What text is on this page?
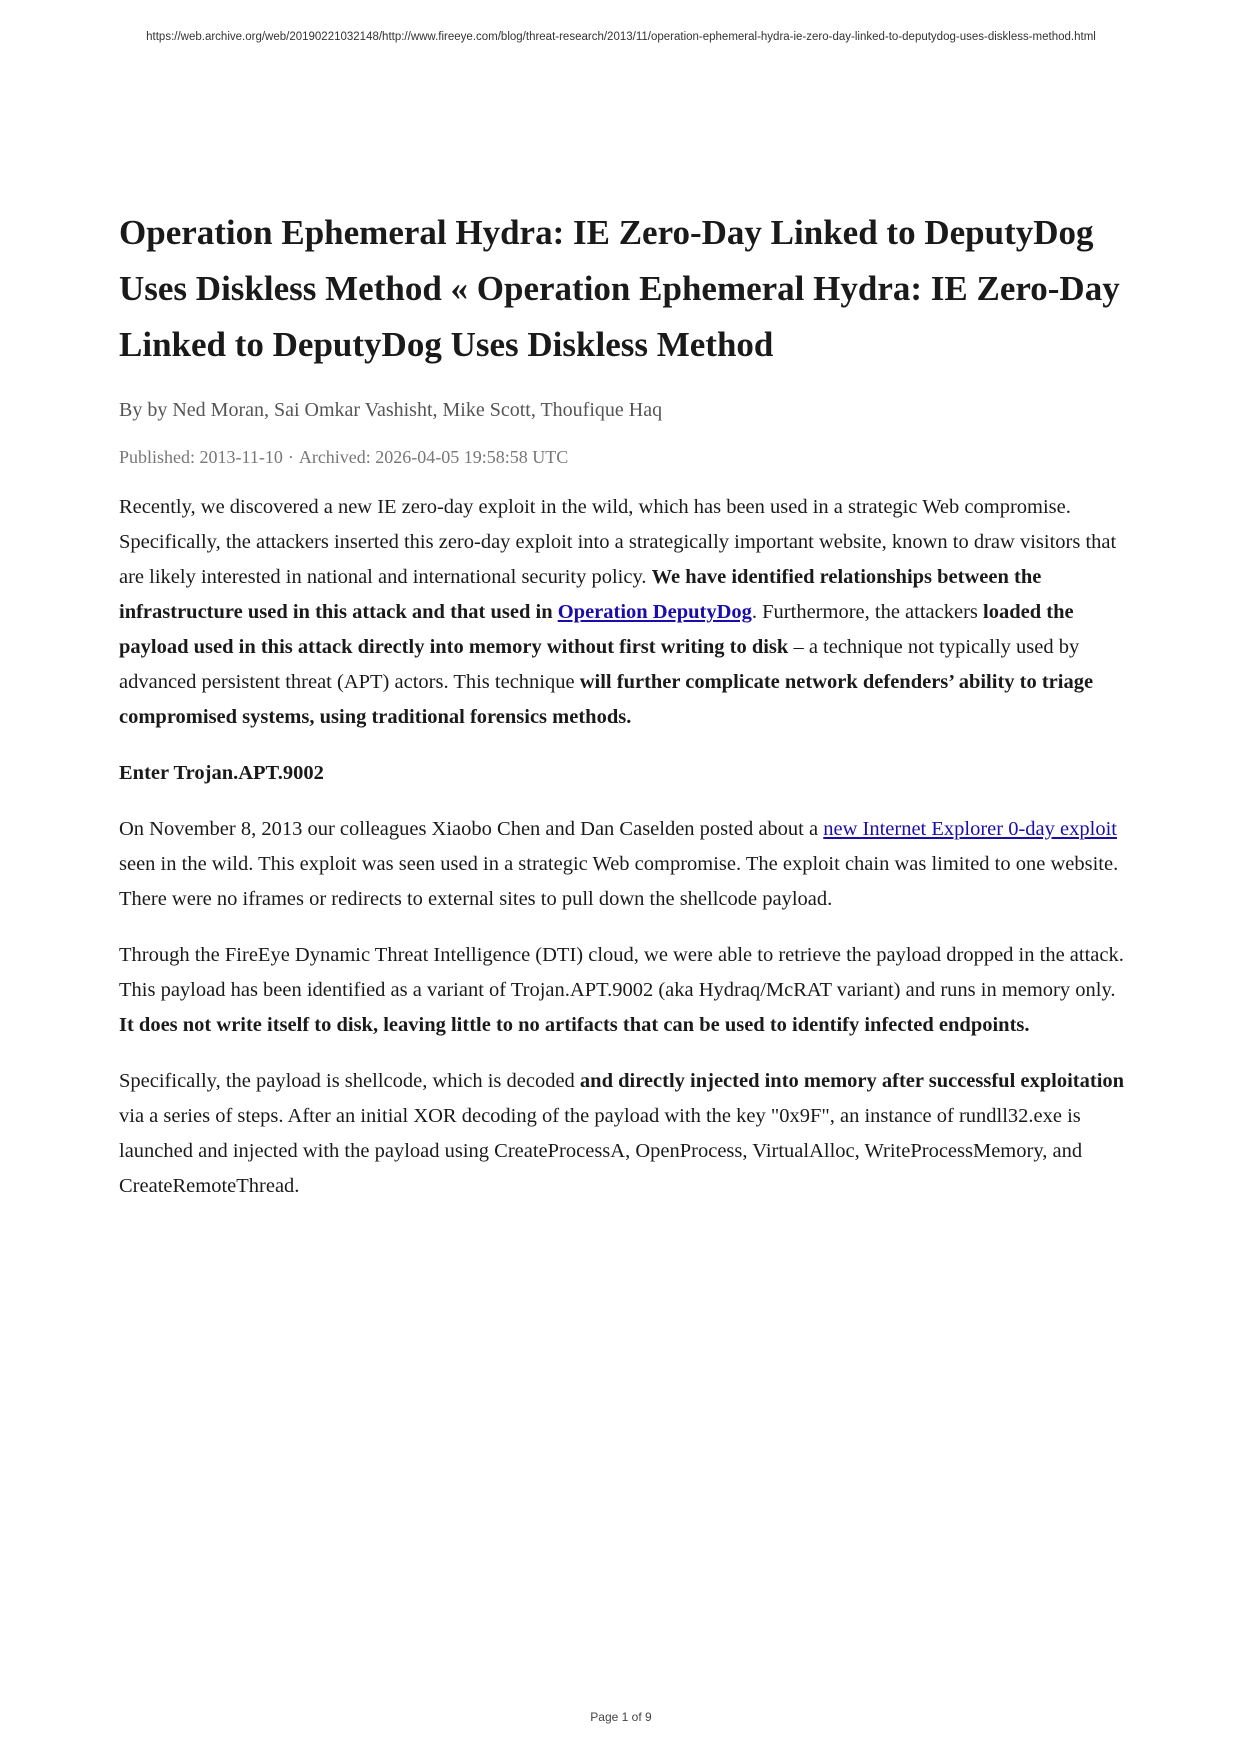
https://web.archive.org/web/20190221032148/http://www.fireeye.com/blog/threat-research/2013/11/operation-ephemeral-hydra-ie-zero-day-linked-to-deputydog-uses-diskless-method.html
Operation Ephemeral Hydra: IE Zero-Day Linked to DeputyDog Uses Diskless Method « Operation Ephemeral Hydra: IE Zero-Day Linked to DeputyDog Uses Diskless Method
By by Ned Moran, Sai Omkar Vashisht, Mike Scott, Thoufique Haq
Published: 2013-11-10 · Archived: 2026-04-05 19:58:58 UTC

Recently, we discovered a new IE zero-day exploit in the wild, which has been used in a strategic Web compromise. Specifically, the attackers inserted this zero-day exploit into a strategically important website, known to draw visitors that are likely interested in national and international security policy. We have identified relationships between the infrastructure used in this attack and that used in Operation DeputyDog. Furthermore, the attackers loaded the payload used in this attack directly into memory without first writing to disk – a technique not typically used by advanced persistent threat (APT) actors. This technique will further complicate network defenders’ ability to triage compromised systems, using traditional forensics methods.

Enter Trojan.APT.9002

On November 8, 2013 our colleagues Xiaobo Chen and Dan Caselden posted about a new Internet Explorer 0-day exploit seen in the wild. This exploit was seen used in a strategic Web compromise. The exploit chain was limited to one website. There were no iframes or redirects to external sites to pull down the shellcode payload.

Through the FireEye Dynamic Threat Intelligence (DTI) cloud, we were able to retrieve the payload dropped in the attack. This payload has been identified as a variant of Trojan.APT.9002 (aka Hydraq/McRAT variant) and runs in memory only. It does not write itself to disk, leaving little to no artifacts that can be used to identify infected endpoints.

Specifically, the payload is shellcode, which is decoded and directly injected into memory after successful exploitation via a series of steps. After an initial XOR decoding of the payload with the key "0x9F", an instance of rundll32.exe is launched and injected with the payload using CreateProcessA, OpenProcess, VirtualAlloc, WriteProcessMemory, and CreateRemoteThread.

Page 1 of 9
